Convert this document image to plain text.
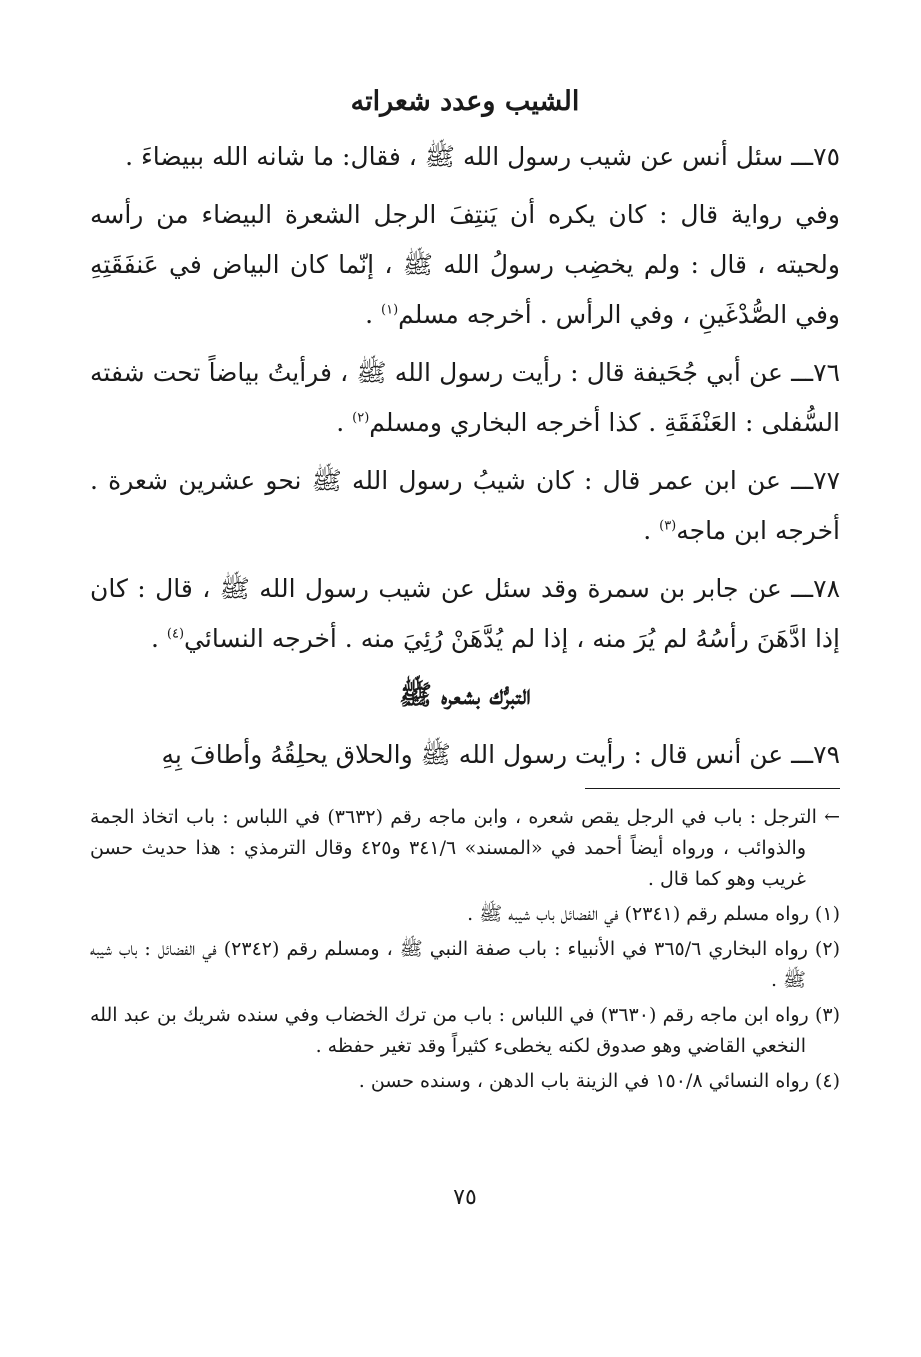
الشيب وعدد شعراته

٧٥ـــ سئل أنس عن شيب رسول الله ﷺ ، فقال: ما شانه الله ببيضاءَ .

وفي رواية قال : كان يكره أن يَنتِفَ الرجل الشعرة البيضاء من رأسه ولحيته ، قال : ولم يخضِب رسولُ الله ﷺ ، إنّما كان البياض في عَنفَقَتِهِ وفي الصُّدْغَينِ ، وفي الرأس . أخرجه مسلم$^{(١)}$ .

٧٦ـــ عن أبي جُحَيفة قال : رأيت رسول الله ﷺ ، فرأيتُ بياضاً تحت شفته السُّفلى : العَنْفَقَةِ . كذا أخرجه البخاري ومسلم$^{(٢)}$ .

٧٧ـــ عن ابن عمر قال : كان شيبُ رسول الله ﷺ نحو عشرين شعرة . أخرجه ابن ماجه$^{(٣)}$ .

٧٨ـــ عن جابر بن سمرة وقد سئل عن شيب رسول الله ﷺ ، قال : كان إذا ادَّهَنَ رأسُهُ لم يُرَ منه ، إذا لم يُدَّهَنْ رُئِيَ منه . أخرجه النسائي$^{(٤)}$ .

التبرُّك بشعره ﷺ

٧٩ـــ عن أنس قال : رأيت رسول الله ﷺ والحلاق يحلِقُهُ وأطافَ بِهِ

← الترجل : باب في الرجل يقص شعره ، وابن ماجه رقم (٣٦٣٢) في اللباس : باب اتخاذ الجمة والذوائب ، ورواه أيضاً أحمد في «المسند» ٣٤١/٦ و٤٢٥ وقال الترمذي : هذا حديث حسن غريب وهو كما قال .

(١) رواه مسلم رقم (٢٣٤١) في الفضائل باب شيبه ﷺ .

(٢) رواه البخاري ٣٦٥/٦ في الأنبياء : باب صفة النبي ﷺ ، ومسلم رقم (٢٣٤٢) في الفضائل : باب شيبه ﷺ .

(٣) رواه ابن ماجه رقم (٣٦٣٠) في اللباس : باب من ترك الخضاب وفي سنده شريك بن عبد الله النخعي القاضي وهو صدوق لكنه يخطىء كثيراً وقد تغير حفظه .

(٤) رواه النسائي ١٥٠/٨ في الزينة باب الدهن ، وسنده حسن .

٧٥
